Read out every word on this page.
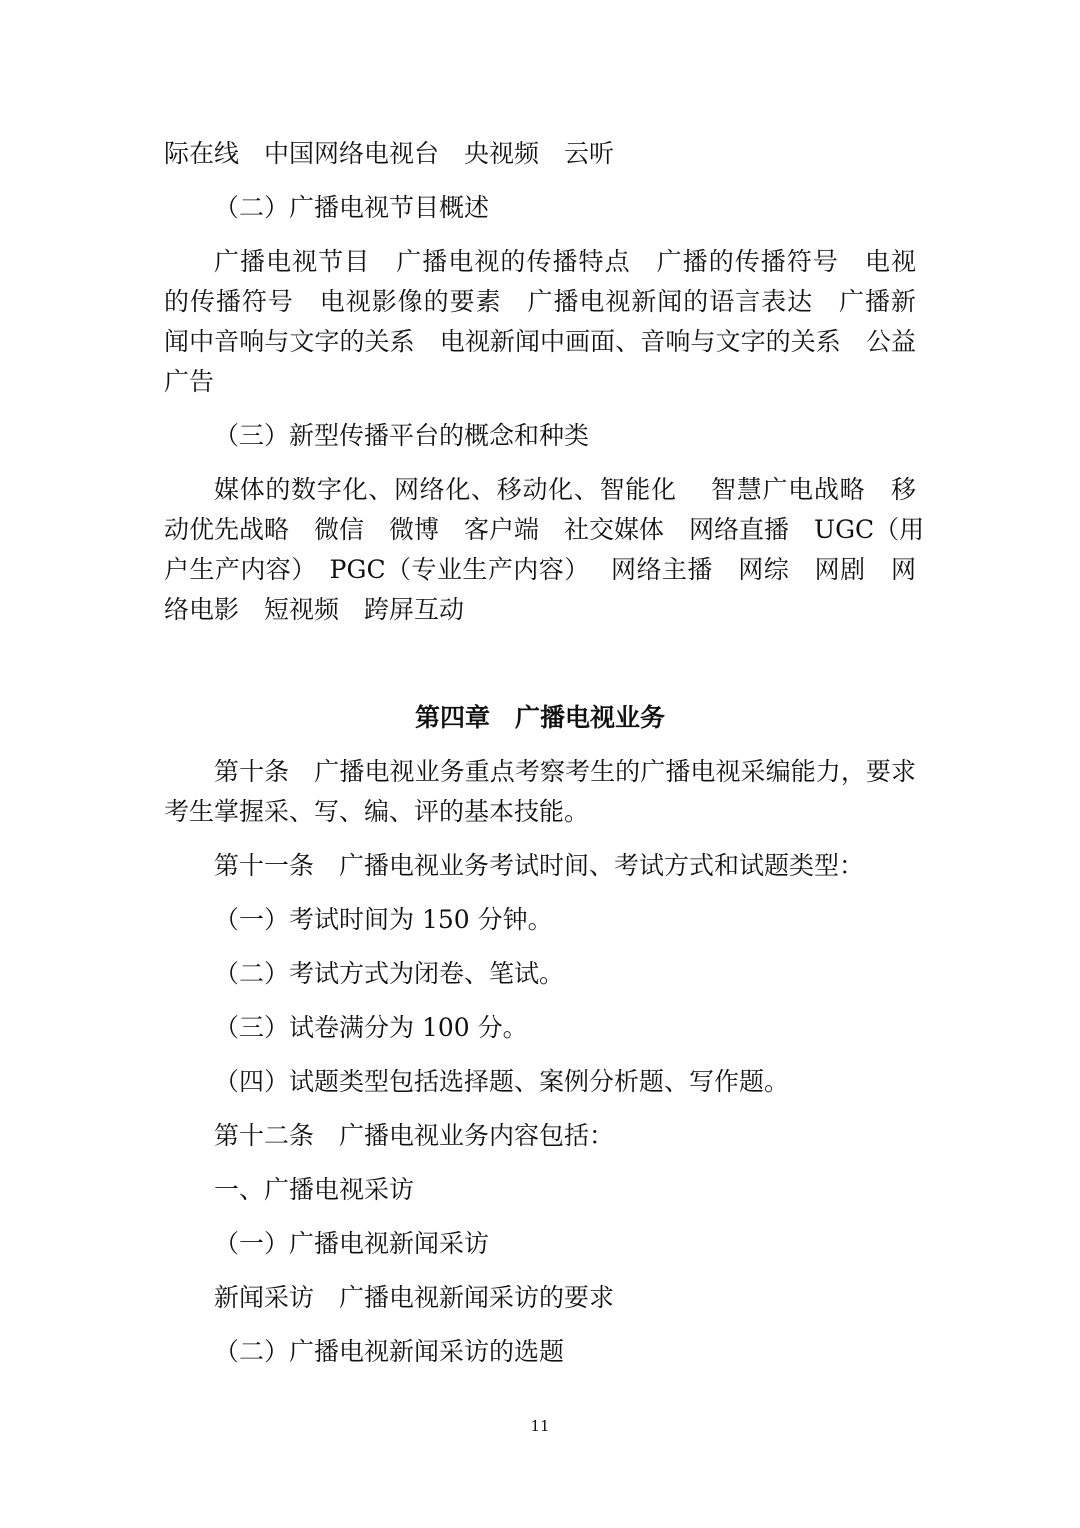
际在线　中国网络电视台　央视频　云听
（二）广播电视节目概述
广播电视节目　广播电视的传播特点　广播的传播符号　电视
的传播符号　电视影像的要素　广播电视新闻的语言表达　广播新
闻中音响与文字的关系　电视新闻中画面、音响与文字的关系　公益
广告
（三）新型传播平台的概念和种类
媒体的数字化、网络化、移动化、智能化　 智慧广电战略　移
动优先战略　微信　微博　客户端　社交媒体　网络直播　UGC（用
户生产内容）　PGC（专业生产内容）　 网络主播　网综　网剧　网
络电影　短视频　跨屏互动
第四章　广播电视业务
第十条　广播电视业务重点考察考生的广播电视采编能力，要求
考生掌握采、写、编、评的基本技能。
第十一条　广播电视业务考试时间、考试方式和试题类型：
（一）考试时间为 150 分钟。
（二）考试方式为闭卷、笔试。
（三）试卷满分为 100 分。
（四）试题类型包括选择题、案例分析题、写作题。
第十二条　广播电视业务内容包括：
一、广播电视采访
（一）广播电视新闻采访
新闻采访　广播电视新闻采访的要求
（二）广播电视新闻采访的选题
11
